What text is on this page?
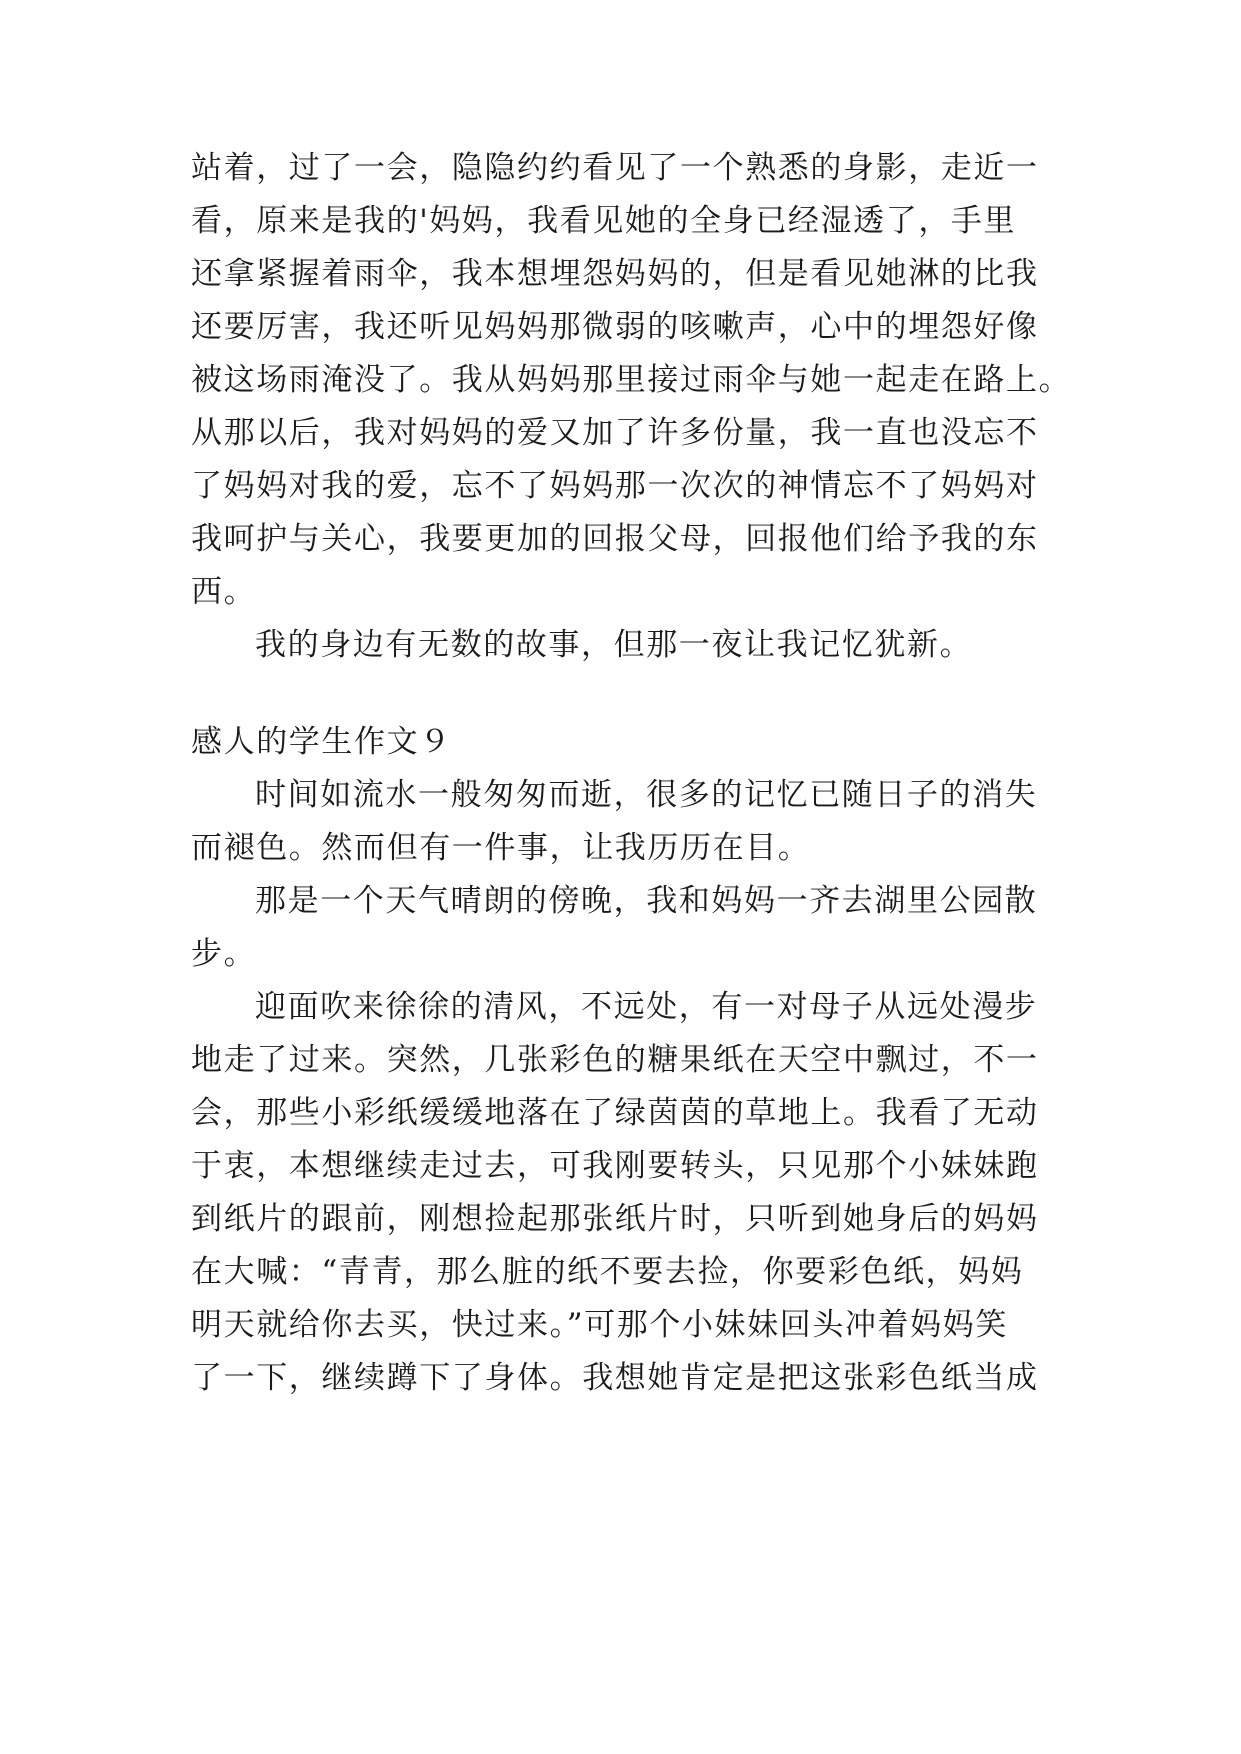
站着，过了一会，隐隐约约看见了一个熟悉的身影，走近一
看，原来是我的'妈妈，我看见她的全身已经湿透了，手里
还拿紧握着雨伞，我本想埋怨妈妈的，但是看见她淋的比我
还要厉害，我还听见妈妈那微弱的咳嗽声，心中的埋怨好像
被这场雨淹没了。我从妈妈那里接过雨伞与她一起走在路上。
从那以后，我对妈妈的爱又加了许多份量，我一直也没忘不
了妈妈对我的爱，忘不了妈妈那一次次的神情忘不了妈妈对
我呵护与关心，我要更加的回报父母，回报他们给予我的东
西。
我的身边有无数的故事，但那一夜让我记忆犹新。
感人的学生作文９
时间如流水一般匆匆而逝，很多的记忆已随日子的消失
而褪色。然而但有一件事，让我历历在目。
那是一个天气晴朗的傍晚，我和妈妈一齐去湖里公园散
步。
迎面吹来徐徐的清风，不远处，有一对母子从远处漫步
地走了过来。突然，几张彩色的糖果纸在天空中飘过，不一
会，那些小彩纸缓缓地落在了绿茵茵的草地上。我看了无动
于衷，本想继续走过去，可我刚要转头，只见那个小妹妹跑
到纸片的跟前，刚想捡起那张纸片时，只听到她身后的妈妈
在大喊：“青青，那么脏的纸不要去捡，你要彩色纸，妈妈
明天就给你去买，快过来。”可那个小妹妹回头冲着妈妈笑
了一下，继续蹲下了身体。我想她肯定是把这张彩色纸当成
